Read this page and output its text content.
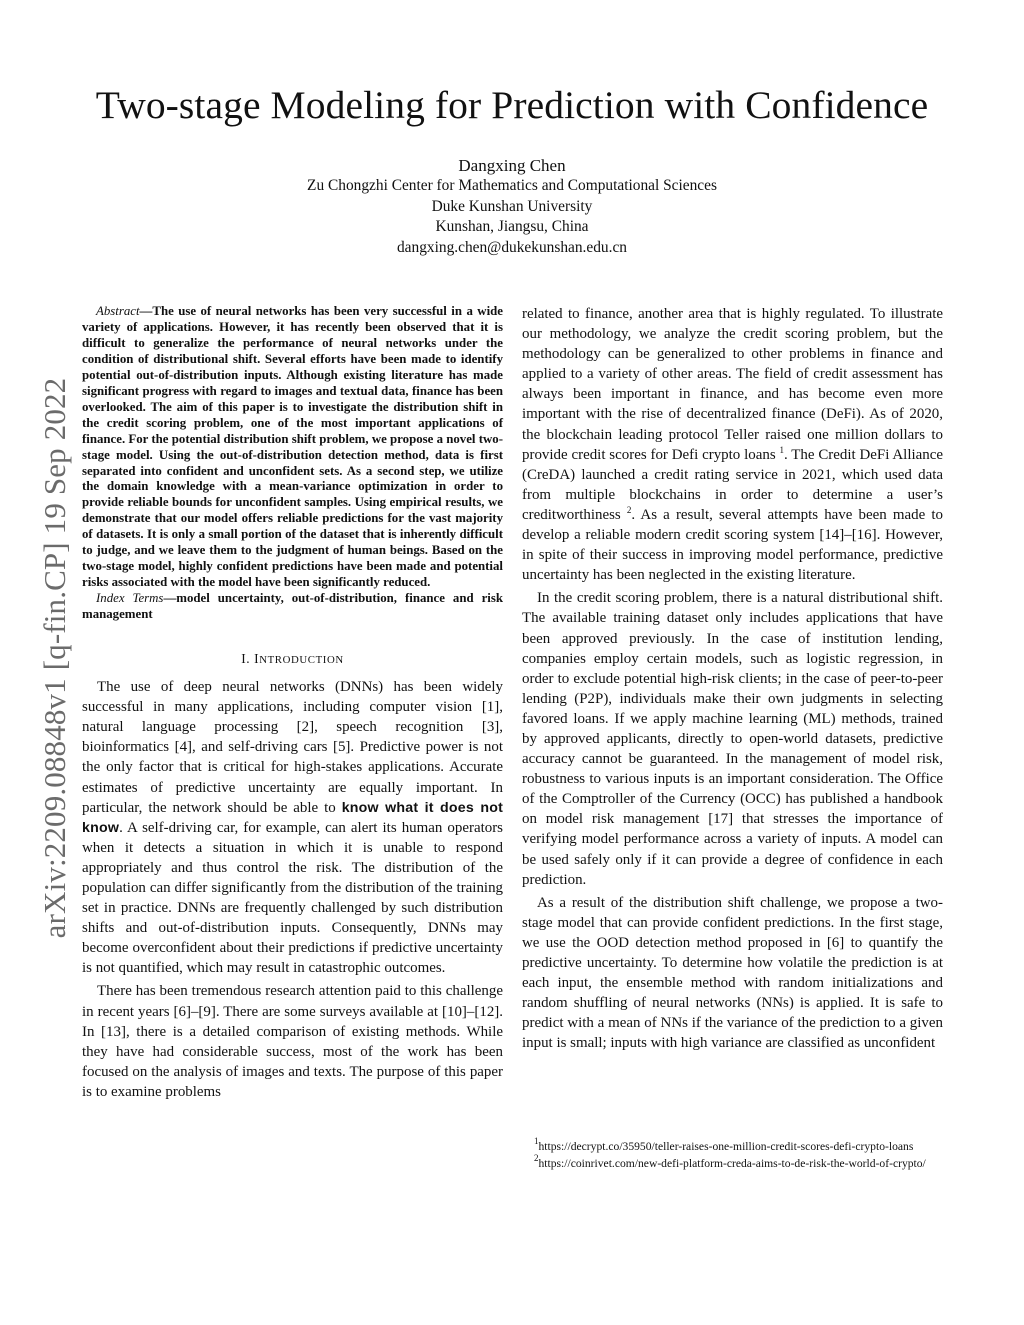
Two-stage Modeling for Prediction with Confidence
Dangxing Chen
Zu Chongzhi Center for Mathematics and Computational Sciences
Duke Kunshan University
Kunshan, Jiangsu, China
dangxing.chen@dukekunshan.edu.cn
arXiv:2209.08848v1 [q-fin.CP] 19 Sep 2022

Abstract—The use of neural networks has been very successful in a wide variety of applications. However, it has recently been observed that it is difficult to generalize the performance of neural networks under the condition of distributional shift. Several efforts have been made to identify potential out-of-distribution inputs. Although existing literature has made significant progress with regard to images and textual data, finance has been overlooked. The aim of this paper is to investigate the distribution shift in the credit scoring problem, one of the most important applications of finance. For the potential distribution shift problem, we propose a novel two-stage model. Using the out-of-distribution detection method, data is first separated into confident and unconfident sets. As a second step, we utilize the domain knowledge with a mean-variance optimization in order to provide reliable bounds for unconfident samples. Using empirical results, we demonstrate that our model offers reliable predictions for the vast majority of datasets. It is only a small portion of the dataset that is inherently difficult to judge, and we leave them to the judgment of human beings. Based on the two-stage model, highly confident predictions have been made and potential risks associated with the model have been significantly reduced.

Index Terms—model uncertainty, out-of-distribution, finance and risk management

I. INTRODUCTION

The use of deep neural networks (DNNs) has been widely successful in many applications, including computer vision [1], natural language processing [2], speech recognition [3], bioinformatics [4], and self-driving cars [5]. Predictive power is not the only factor that is critical for high-stakes applications. Accurate estimates of predictive uncertainty are equally important. In particular, the network should be able to know what it does not know. A self-driving car, for example, can alert its human operators when it detects a situation in which it is unable to respond appropriately and thus control the risk. The distribution of the population can differ significantly from the distribution of the training set in practice. DNNs are frequently challenged by such distribution shifts and out-of-distribution inputs. Consequently, DNNs may become overconfident about their predictions if predictive uncertainty is not quantified, which may result in catastrophic outcomes.

There has been tremendous research attention paid to this challenge in recent years [6]–[9]. There are some surveys available at [10]–[12]. In [13], there is a detailed comparison of existing methods. While they have had considerable success, most of the work has been focused on the analysis of images and texts. The purpose of this paper is to examine problems

related to finance, another area that is highly regulated. To illustrate our methodology, we analyze the credit scoring problem, but the methodology can be generalized to other problems in finance and applied to a variety of other areas. The field of credit assessment has always been important in finance, and has become even more important with the rise of decentralized finance (DeFi). As of 2020, the blockchain leading protocol Teller raised one million dollars to provide credit scores for Defi crypto loans $^1$. The Credit DeFi Alliance (CreDA) launched a credit rating service in 2021, which used data from multiple blockchains in order to determine a user’s creditworthiness $^2$. As a result, several attempts have been made to develop a reliable modern credit scoring system [14]–[16]. However, in spite of their success in improving model performance, predictive uncertainty has been neglected in the existing literature.

In the credit scoring problem, there is a natural distributional shift. The available training dataset only includes applications that have been approved previously. In the case of institution lending, companies employ certain models, such as logistic regression, in order to exclude potential high-risk clients; in the case of peer-to-peer lending (P2P), individuals make their own judgments in selecting favored loans. If we apply machine learning (ML) methods, trained by approved applicants, directly to open-world datasets, predictive accuracy cannot be guaranteed. In the management of model risk, robustness to various inputs is an important consideration. The Office of the Comptroller of the Currency (OCC) has published a handbook on model risk management [17] that stresses the importance of verifying model performance across a variety of inputs. A model can be used safely only if it can provide a degree of confidence in each prediction.

As a result of the distribution shift challenge, we propose a two-stage model that can provide confident predictions. In the first stage, we use the OOD detection method proposed in [6] to quantify the predictive uncertainty. To determine how volatile the prediction is at each input, the ensemble method with random initializations and random shuffling of neural networks (NNs) is applied. It is safe to predict with a mean of NNs if the variance of the prediction to a given input is small; inputs with high variance are classified as unconfident

$^1$https://decrypt.co/35950/teller-raises-one-million-credit-scores-defi-crypto-loans

$^2$https://coinrivet.com/new-defi-platform-creda-aims-to-de-risk-the-world-of-crypto/
